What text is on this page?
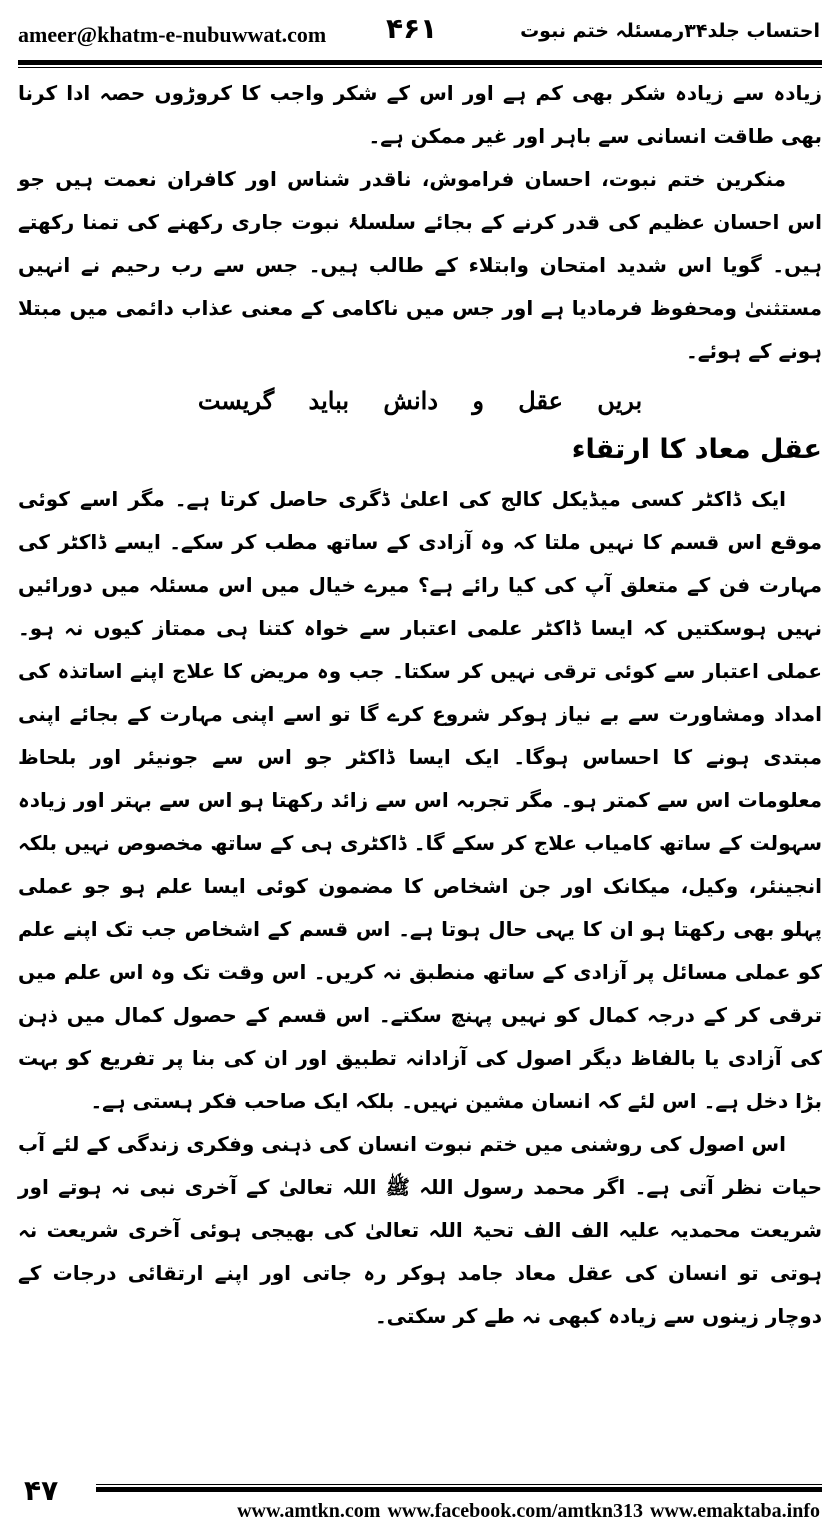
ameer@khatm-e-nubuwwat.com ۴۶۱	احتساب جلد۳۴رمسئلہ ختم نبوت

زیادہ سے زیادہ شکر بھی کم ہے اور اس کے شکر واجب کا کروڑوں حصہ ادا کرنا بھی طاقت انسانی سے باہر اور غیر ممکن ہے۔

منکرین ختم نبوت، احسان فراموش، ناقدر شناس اور کافران نعمت ہیں جو اس احسان عظیم کی قدر کرنے کے بجائے سلسلۂ نبوت جاری رکھنے کی تمنا رکھتے ہیں۔ گویا اس شدید امتحان وابتلاء کے طالب ہیں۔ جس سے رب رحیم نے انہیں مستثنیٰ ومحفوظ فرمادیا ہے اور جس میں ناکامی کے معنی عذاب دائمی میں مبتلا ہونے کے ہوئے۔

بریں عقل و دانش بباید گریست

عقل معاد کا ارتقاء

ایک ڈاکٹر کسی میڈیکل کالج کی اعلیٰ ڈگری حاصل کرتا ہے۔ مگر اسے کوئی موقع اس قسم کا نہیں ملتا کہ وہ آزادی کے ساتھ مطب کر سکے۔ ایسے ڈاکٹر کی مہارت فن کے متعلق آپ کی کیا رائے ہے؟ میرے خیال میں اس مسئلہ میں دورائیں نہیں ہوسکتیں کہ ایسا ڈاکٹر علمی اعتبار سے خواہ کتنا ہی ممتاز کیوں نہ ہو۔ عملی اعتبار سے کوئی ترقی نہیں کر سکتا۔ جب وہ مریض کا علاج اپنے اساتذہ کی امداد ومشاورت سے بے نیاز ہوکر شروع کرے گا تو اسے اپنی مہارت کے بجائے اپنی مبتدی ہونے کا احساس ہوگا۔ ایک ایسا ڈاکٹر جو اس سے جونیئر اور بلحاظ معلومات اس سے کمتر ہو۔ مگر تجربہ اس سے زائد رکھتا ہو اس سے بہتر اور زیادہ سہولت کے ساتھ کامیاب علاج کر سکے گا۔ ڈاکٹری ہی کے ساتھ مخصوص نہیں بلکہ انجینئر، وکیل، میکانک اور جن اشخاص کا مضمون کوئی ایسا علم ہو جو عملی پہلو بھی رکھتا ہو ان کا یہی حال ہوتا ہے۔ اس قسم کے اشخاص جب تک اپنے علم کو عملی مسائل پر آزادی کے ساتھ منطبق نہ کریں۔ اس وقت تک وہ اس علم میں ترقی کر کے درجہ کمال کو نہیں پہنچ سکتے۔ اس قسم کے حصول کمال میں ذہن کی آزادی یا بالفاظ دیگر اصول کی آزادانہ تطبیق اور ان کی بنا پر تفریع کو بہت بڑا دخل ہے۔ اس لئے کہ انسان مشین نہیں۔ بلکہ ایک صاحب فکر ہستی ہے۔

اس اصول کی روشنی میں ختم نبوت انسان کی ذہنی وفکری زندگی کے لئے آب حیات نظر آتی ہے۔ اگر محمد رسول اللہ ﷺ اللہ تعالیٰ کے آخری نبی نہ ہوتے اور شریعت محمدیہ علیہ الف الف تحیۃ اللہ تعالیٰ کی بھیجی ہوئی آخری شریعت نہ ہوتی تو انسان کی عقل معاد جامد ہوکر رہ جاتی اور اپنے ارتقائی درجات کے دوچار زینوں سے زیادہ کبھی نہ طے کر سکتی۔

۴۷
www.amtkn.com www.facebook.com/amtkn313 www.emaktaba.info
